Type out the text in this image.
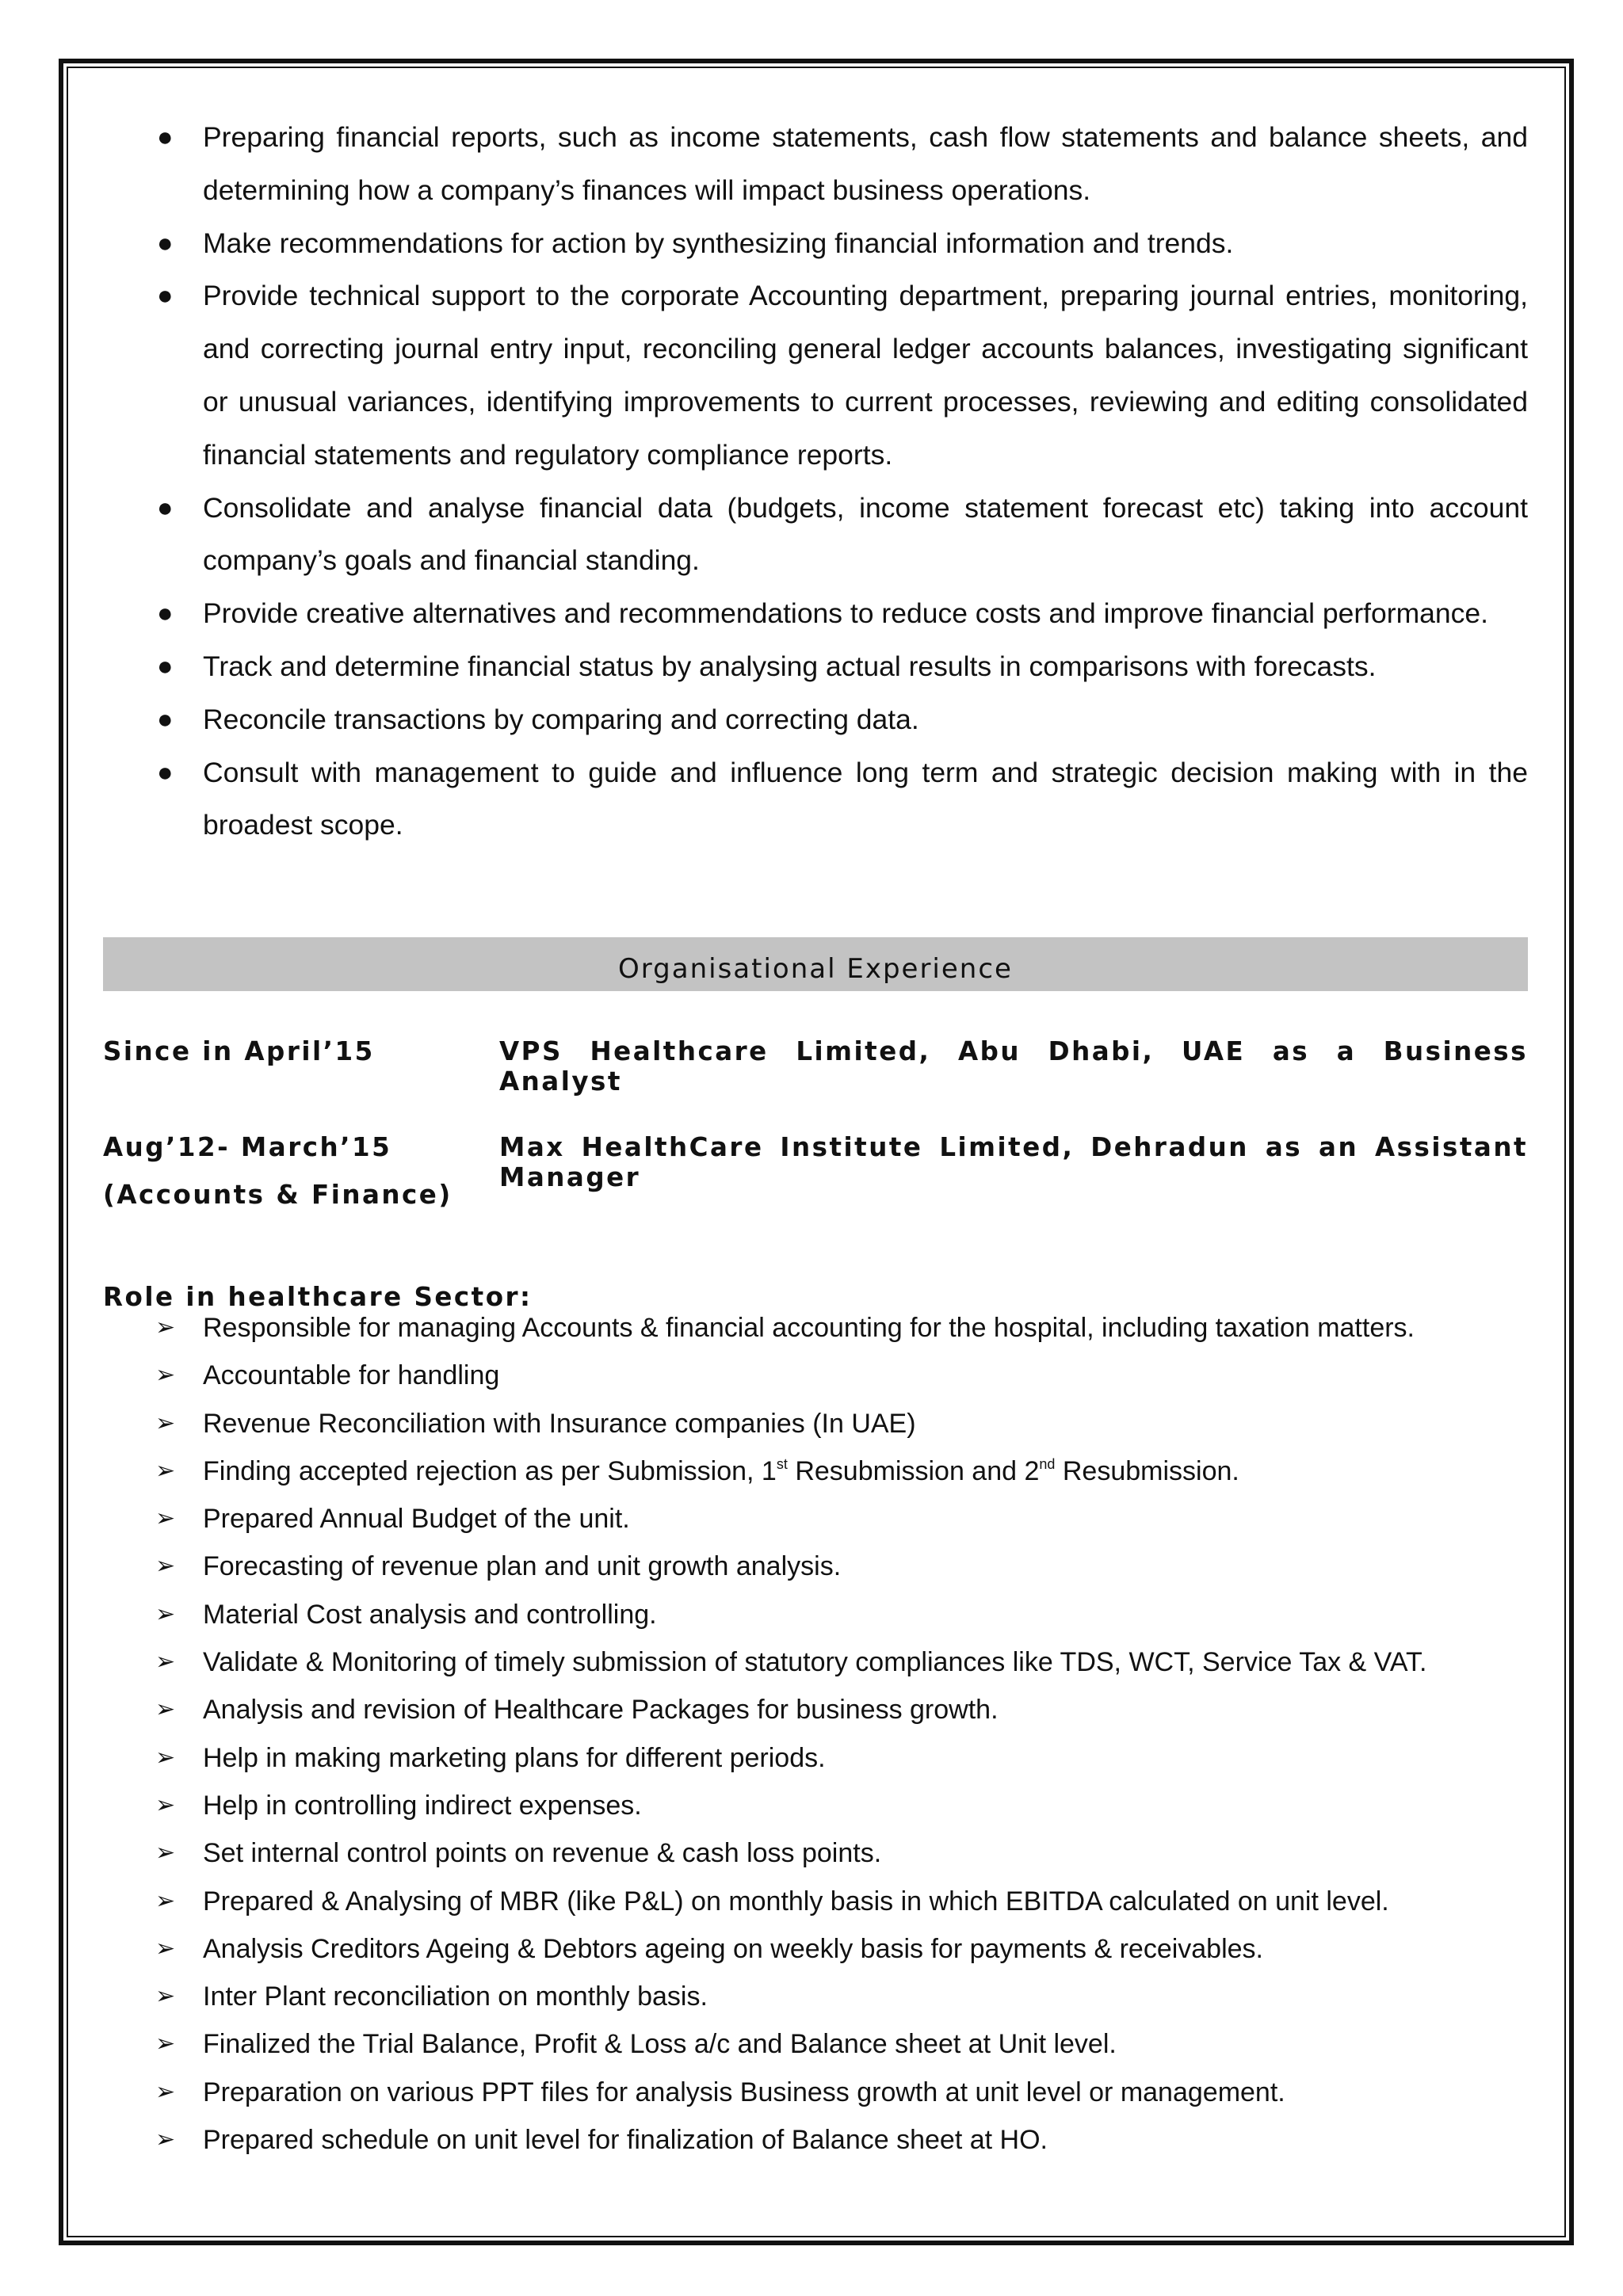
● Preparing financial reports, such as income statements, cash flow statements and balance sheets, and determining how a company’s finances will impact business operations.
● Make recommendations for action by synthesizing financial information and trends.
● Provide technical support to the corporate Accounting department, preparing journal entries, monitoring, and correcting journal entry input, reconciling general ledger accounts balances, investigating significant or unusual variances, identifying improvements to current processes, reviewing and editing consolidated financial statements and regulatory compliance reports.
● Consolidate and analyse financial data (budgets, income statement forecast etc) taking into account company’s goals and financial standing.
● Provide creative alternatives and recommendations to reduce costs and improve financial performance.
● Track and determine financial status by analysing actual results in comparisons with forecasts.
● Reconcile transactions by comparing and correcting data.
● Consult with management to guide and influence long term and strategic decision making with in the broadest scope.
Organisational Experience
Since in April’15	VPS Healthcare Limited, Abu Dhabi, UAE as a Business Analyst
Aug’12- March’15	Max HealthCare Institute Limited, Dehradun as an Assistant Manager
(Accounts & Finance)
Role in healthcare Sector:
➢ Responsible for managing Accounts & financial accounting for the hospital, including taxation matters.
➢ Accountable for handling
➢ Revenue Reconciliation with Insurance companies (In UAE)
➢ Finding accepted rejection as per Submission, 1st Resubmission and 2nd Resubmission.
➢ Prepared Annual Budget of the unit.
➢ Forecasting of revenue plan and unit growth analysis.
➢ Material Cost analysis and controlling.
➢ Validate & Monitoring of timely submission of statutory compliances like TDS, WCT, Service Tax & VAT.
➢ Analysis and revision of Healthcare Packages for business growth.
➢ Help in making marketing plans for different periods.
➢ Help in controlling indirect expenses.
➢ Set internal control points on revenue & cash loss points.
➢ Prepared & Analysing of MBR (like P&L) on monthly basis in which EBITDA calculated on unit level.
➢ Analysis Creditors Ageing & Debtors ageing on weekly basis for payments & receivables.
➢ Inter Plant reconciliation on monthly basis.
➢ Finalized the Trial Balance, Profit & Loss a/c and Balance sheet at Unit level.
➢ Preparation on various PPT files for analysis Business growth at unit level or management.
➢ Prepared schedule on unit level for finalization of Balance sheet at HO.
